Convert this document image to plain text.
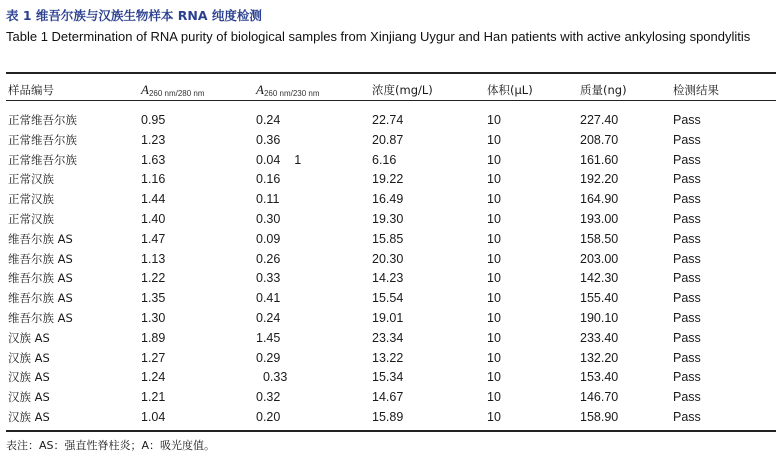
表 1 维吾尔族与汉族生物样本 RNA 纯度检测
Table 1 Determination of RNA purity of biological samples from Xinjiang Uygur and Han patients with active ankylosing spondylitis
样品编号	$A_{260 nm/280 nm}$	$A_{260 nm/230 nm}$	浓度(mg/L)	体积(µL)	质量(ng)	检测结果
正常维吾尔族	0.95	0.24	22.74	10	227.40	Pass
正常维吾尔族	1.23	0.36	20.87	10	208.70	Pass
正常维吾尔族	1.63	0.04    1	6.16	10	161.60	Pass
正常汉族	1.16	0.16	19.22	10	192.20	Pass
正常汉族	1.44	0.11	16.49	10	164.90	Pass
正常汉族	1.40	0.30	19.30	10	193.00	Pass
维吾尔族 AS	1.47	0.09	15.85	10	158.50	Pass
维吾尔族 AS	1.13	0.26	20.30	10	203.00	Pass
维吾尔族 AS	1.22	0.33	14.23	10	142.30	Pass
维吾尔族 AS	1.35	0.41	15.54	10	155.40	Pass
维吾尔族 AS	1.30	0.24	19.01	10	190.10	Pass
汉族 AS	1.89	1.45	23.34	10	233.40	Pass
汉族 AS	1.27	0.29	13.22	10	132.20	Pass
汉族 AS	1.24	0.33	15.34	10	153.40	Pass
汉族 AS	1.21	0.32	14.67	10	146.70	Pass
汉族 AS	1.04	0.20	15.89	10	158.90	Pass
表注：AS：强直性脊柱炎；A：吸光度值。
